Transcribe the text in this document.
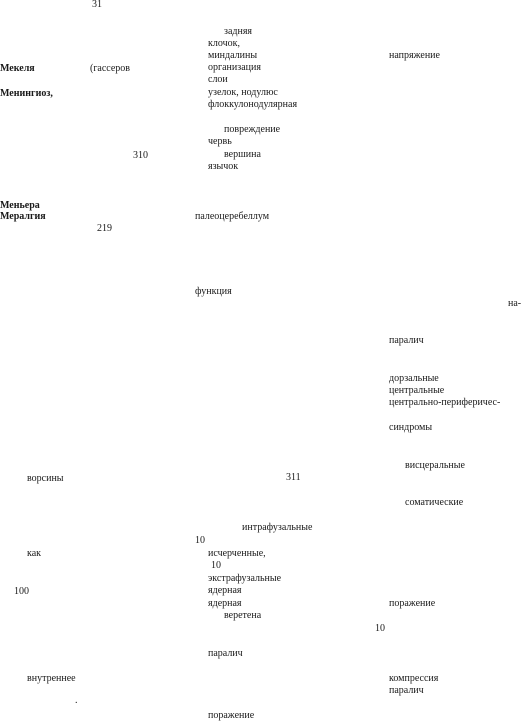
31
Мекеля	(гассеров
Менингиоз,
310
Меньера
Мералгия
219
ворсины
как
100
внутреннее
.
задняя
клочок,
миндалины
организация
слои
узелок, нодулюс
флоккулонодулярная
повреждение
червь
вершина
язычок
палеоцеребеллум
функция
311
интрафузальные
10
исчерченные,
10
экстрафузальные
ядерная
ядерная
веретена
паралич
поражение
напряжение
на-
паралич
дорзальные
центральные
центрально-периферичес-
синдромы
висцеральные
соматические
поражение
10
компрессия
паралич
